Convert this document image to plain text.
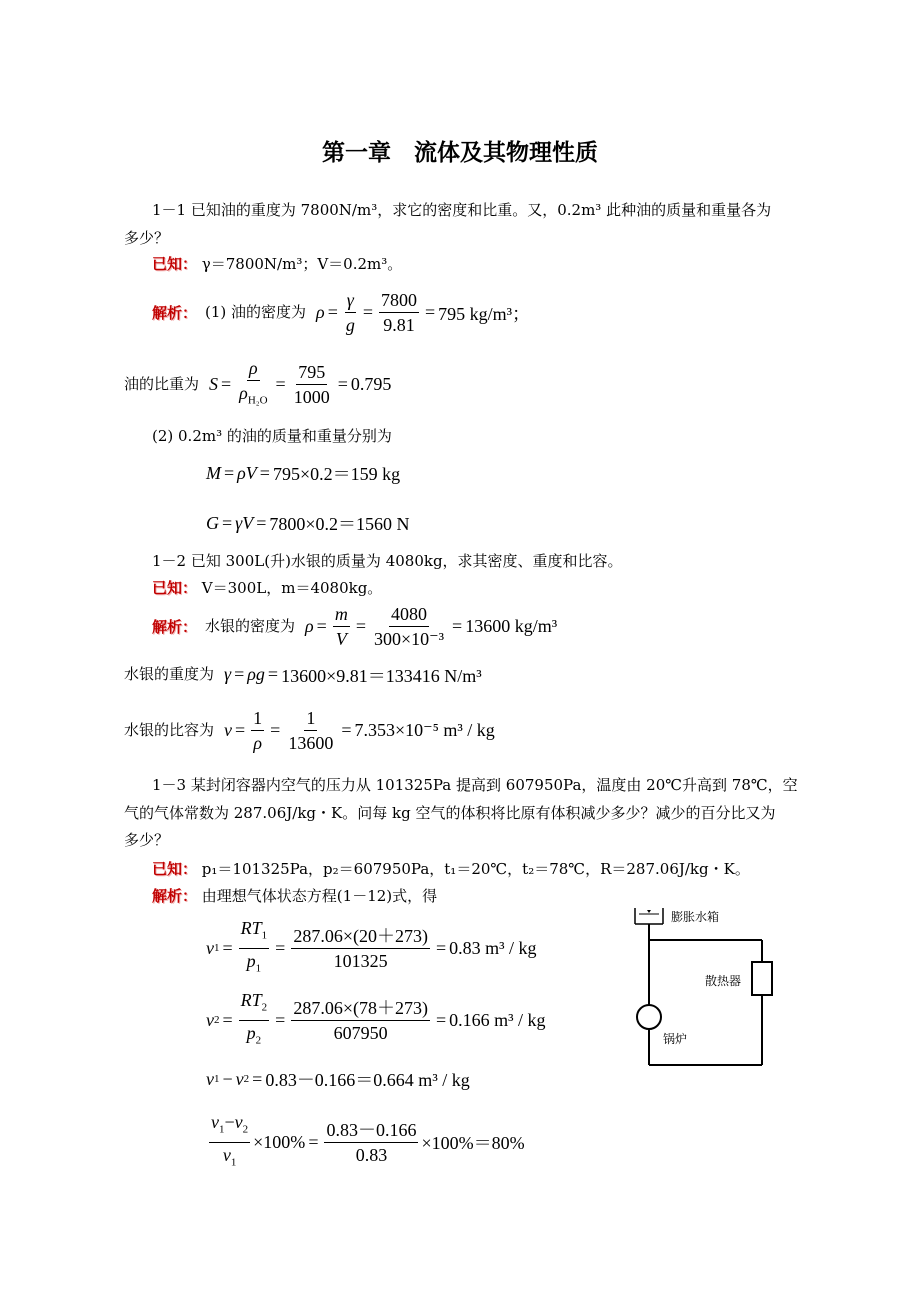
第一章　流体及其物理性质
1－1 已知油的重度为 7800N/m³，求它的密度和比重。又，0.2m³ 此种油的质量和重量各为
多少？
已知： γ＝7800N/m³；V＝0.2m³。
解析： (1) 油的密度为 $\rho = \frac{\gamma}{g} = \frac{7800}{9.81} = 795$ kg/m³；
油的比重为 $S = \frac{\rho}{\rho_{H_2O}} = \frac{795}{1000} = 0.795$
(2) 0.2m³ 的油的质量和重量分别为
M = ρV = 795×0.2＝159 kg
G = γV = 7800×0.2＝1560 N
1－2 已知 300L(升)水银的质量为 4080kg，求其密度、重度和比容。
已知： V＝300L，m＝4080kg。
解析： 水银的密度为 $\rho = \frac{m}{V} = \frac{4080}{\text{300×10⁻³}} = 13600$ kg/m³
水银的重度为 γ = ρg = 13600×9.81＝133416 N/m³
水银的比容为 $v = \frac{1}{\rho} = \frac{1}{13600} = 7.353\times 10^{-5}$ m³ / kg
1－3 某封闭容器内空气的压力从 101325Pa 提高到 607950Pa，温度由 20℃升高到 78℃，空
气的气体常数为 287.06J/kg・K。问每 kg 空气的体积将比原有体积减少多少？减少的百分比又为
多少？
已知： p₁＝101325Pa，p₂＝607950Pa，t₁＝20℃，t₂＝78℃，R＝287.06J/kg・K。
解析： 由理想气体状态方程(1－12)式，得
v $1 = \frac{RT_1}{p_1} = \frac{287.06\times(20+273)}{101325} = 0.83$ m³ / kg
v $2 = \frac{RT_2}{p_2} = \frac{287.06\times(78+273)}{607950} = 0.166$ m³ / kg
v 1 − v 2 = 0.83－0.166＝0.664 m³ / kg
$\frac{v_1-v_2}{v_1} \times 100\% = \frac{0.83-0.166}{0.83} \times 100\%=80\%$
膨胀水箱
散热器
锅炉
